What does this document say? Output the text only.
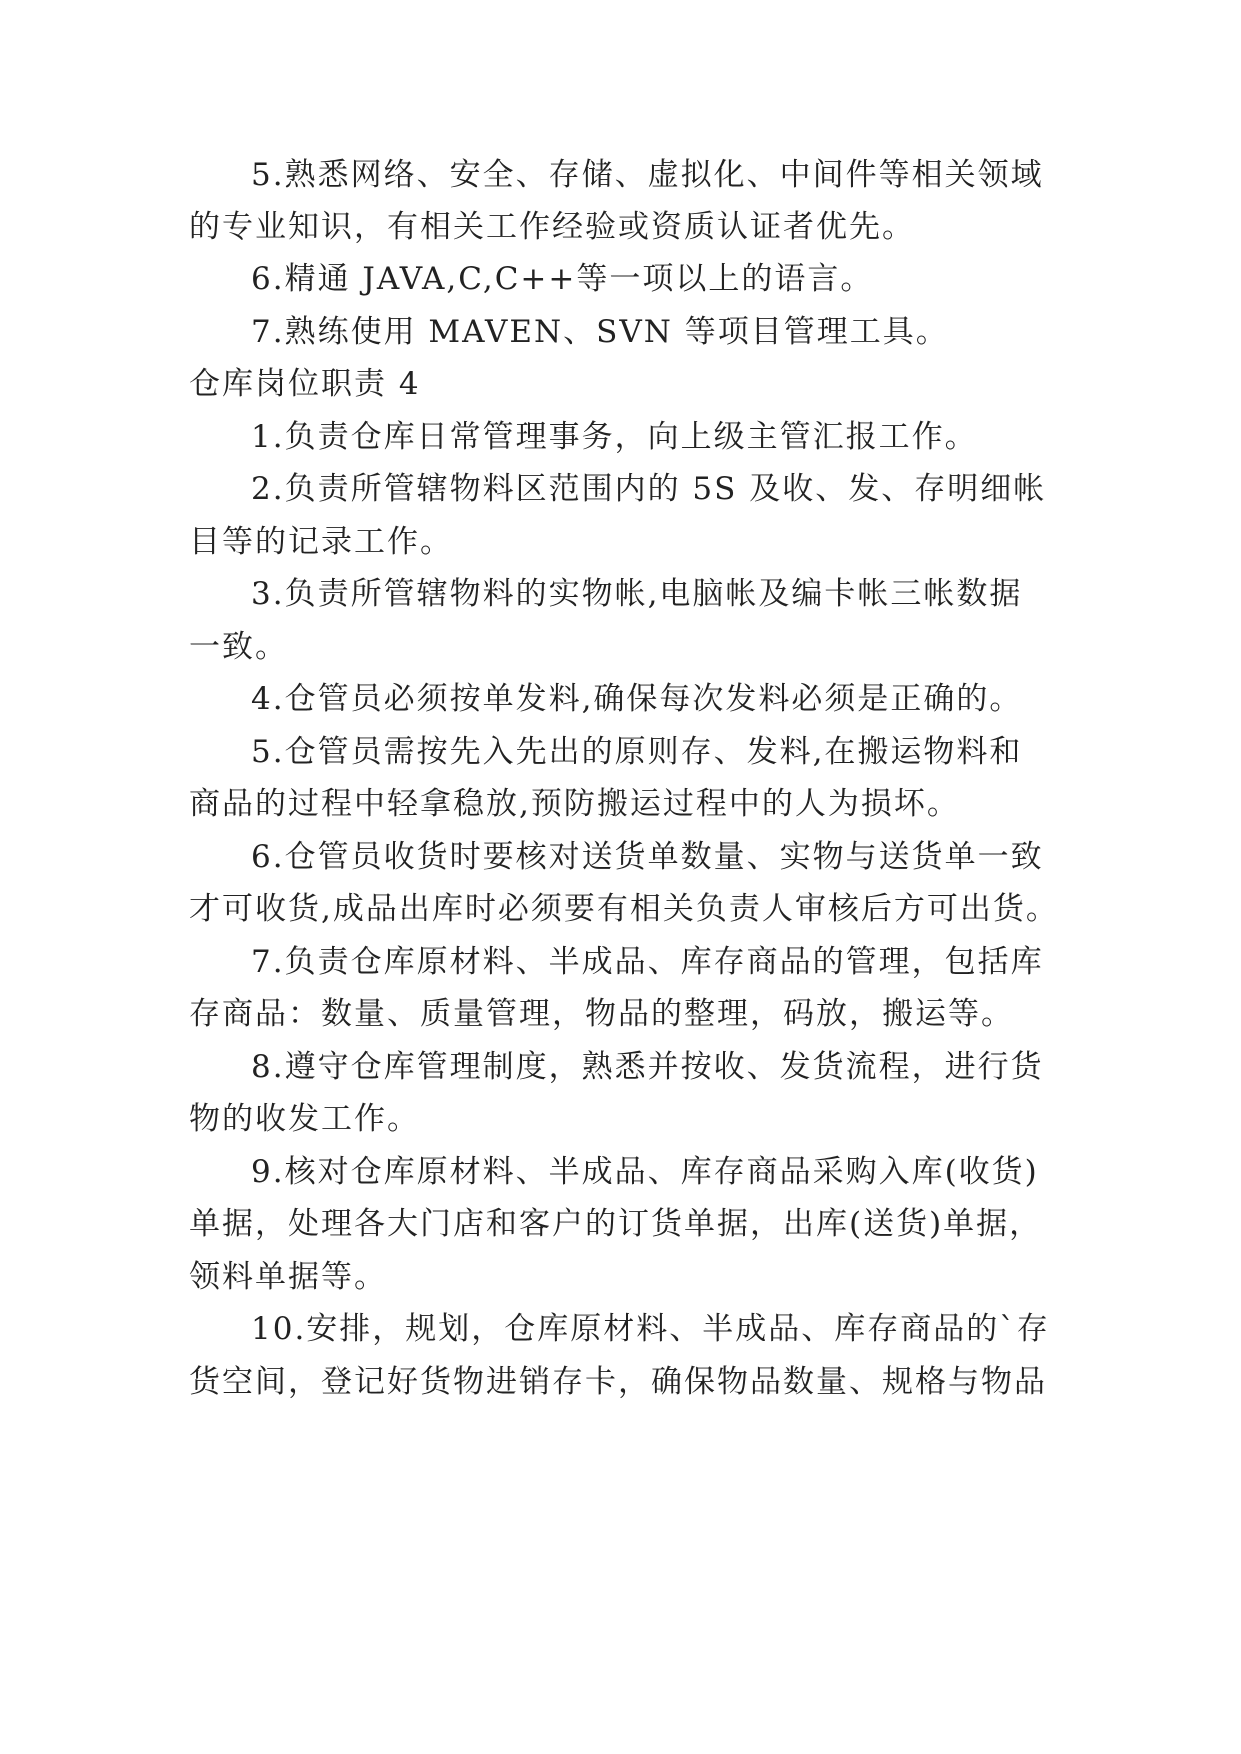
5.熟悉网络、安全、存储、虚拟化、中间件等相关领域
的专业知识，有相关工作经验或资质认证者优先。
6.精通 JAVA,C,C++等一项以上的语言。
7.熟练使用 MAVEN、SVN 等项目管理工具。
仓库岗位职责 4
1.负责仓库日常管理事务，向上级主管汇报工作。
2.负责所管辖物料区范围内的 5S 及收、发、存明细帐
目等的记录工作。
3.负责所管辖物料的实物帐,电脑帐及编卡帐三帐数据
一致。
4.仓管员必须按单发料,确保每次发料必须是正确的。
5.仓管员需按先入先出的原则存、发料,在搬运物料和
商品的过程中轻拿稳放,预防搬运过程中的人为损坏。
6.仓管员收货时要核对送货单数量、实物与送货单一致
才可收货,成品出库时必须要有相关负责人审核后方可出货。
7.负责仓库原材料、半成品、库存商品的管理，包括库
存商品：数量、质量管理，物品的整理，码放，搬运等。
8.遵守仓库管理制度，熟悉并按收、发货流程，进行货
物的收发工作。
9.核对仓库原材料、半成品、库存商品采购入库(收货)
单据，处理各大门店和客户的订货单据，出库(送货)单据，
领料单据等。
10.安排，规划，仓库原材料、半成品、库存商品的`存
货空间，登记好货物进销存卡，确保物品数量、规格与物品
